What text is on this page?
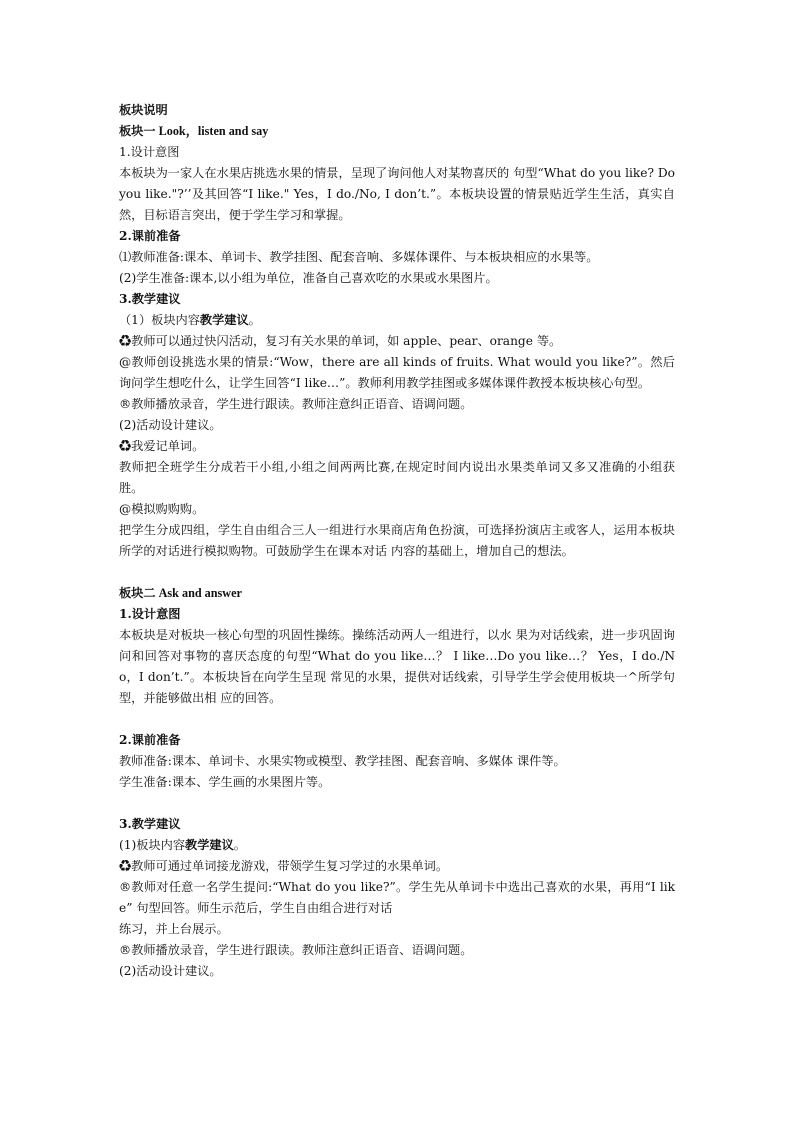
板块说明

板块一 Look，listen and say

1.设计意图

本板块为一家人在水果店挑选水果的情景，呈现了询问他人对某物喜厌的 句型“What do you like? Do you like."?’’及其回答“I like." Yes，I do./No, I don’t.”。本板块设置的情景贴近学生生活，真实自然，目标语言突出，便于学生学习和掌握。

2.课前准备

⑴教师准备:课本、单词卡、教学挂图、配套音响、多媒体课件、与本板块相应的水果等。

(2)学生准备:课本,以小组为单位，准备自己喜欢吃的水果或水果图片。

3.教学建议

（1）板块内容教学建议。

♻教师可以通过快闪活动，复习有关水果的单词，如 apple、pear、orange 等。

@教师创设挑选水果的情景:“Wow，there are all kinds of fruits. What would you like?”。然后询问学生想吃什么，让学生回答“I like…”。教师利用教学挂图或多媒体课件教授本板块核心句型。

®教师播放录音，学生进行跟读。教师注意纠正语音、语调问题。

(2)活动设计建议。

♻我爱记单词。

教师把全班学生分成若干小组,小组之间两两比赛,在规定时间内说出水果类单词又多又准确的小组获胜。

@模拟购购购。

把学生分成四组，学生自由组合三人一组进行水果商店角色扮演，可选择扮演店主或客人，运用本板块所学的对话进行模拟购物。可鼓励学生在课本对话 内容的基础上，增加自己的想法。

板块二 Ask and answer

1.设计意图

本板块是对板块一核心句型的巩固性操练。操练活动两人一组进行，以水 果为对话线索，进一步巩固询问和回答对事物的喜厌态度的句型“What do you like…？ I like…Do you like…？ Yes，I do./No，I don’t.”。本板块旨在向学生呈现 常见的水果，提供对话线索，引导学生学会使用板块一^所学句型，并能够做出相 应的回答。

2.课前准备

教师准备:课本、单词卡、水果实物或模型、教学挂图、配套音响、多媒体 课件等。

学生准备:课本、学生画的水果图片等。

3.教学建议

(1)板块内容教学建议。

♻教师可通过单词接龙游戏，带领学生复习学过的水果单词。

®教师对任意一名学生提问:“What do you like?”。学生先从单词卡中选出己喜欢的水果，再用“I like” 句型回答。师生示范后，学生自由组合进行对话

练习，并上台展示。

®教师播放录音，学生进行跟读。教师注意纠正语音、语调问题。

(2)活动设计建议。
